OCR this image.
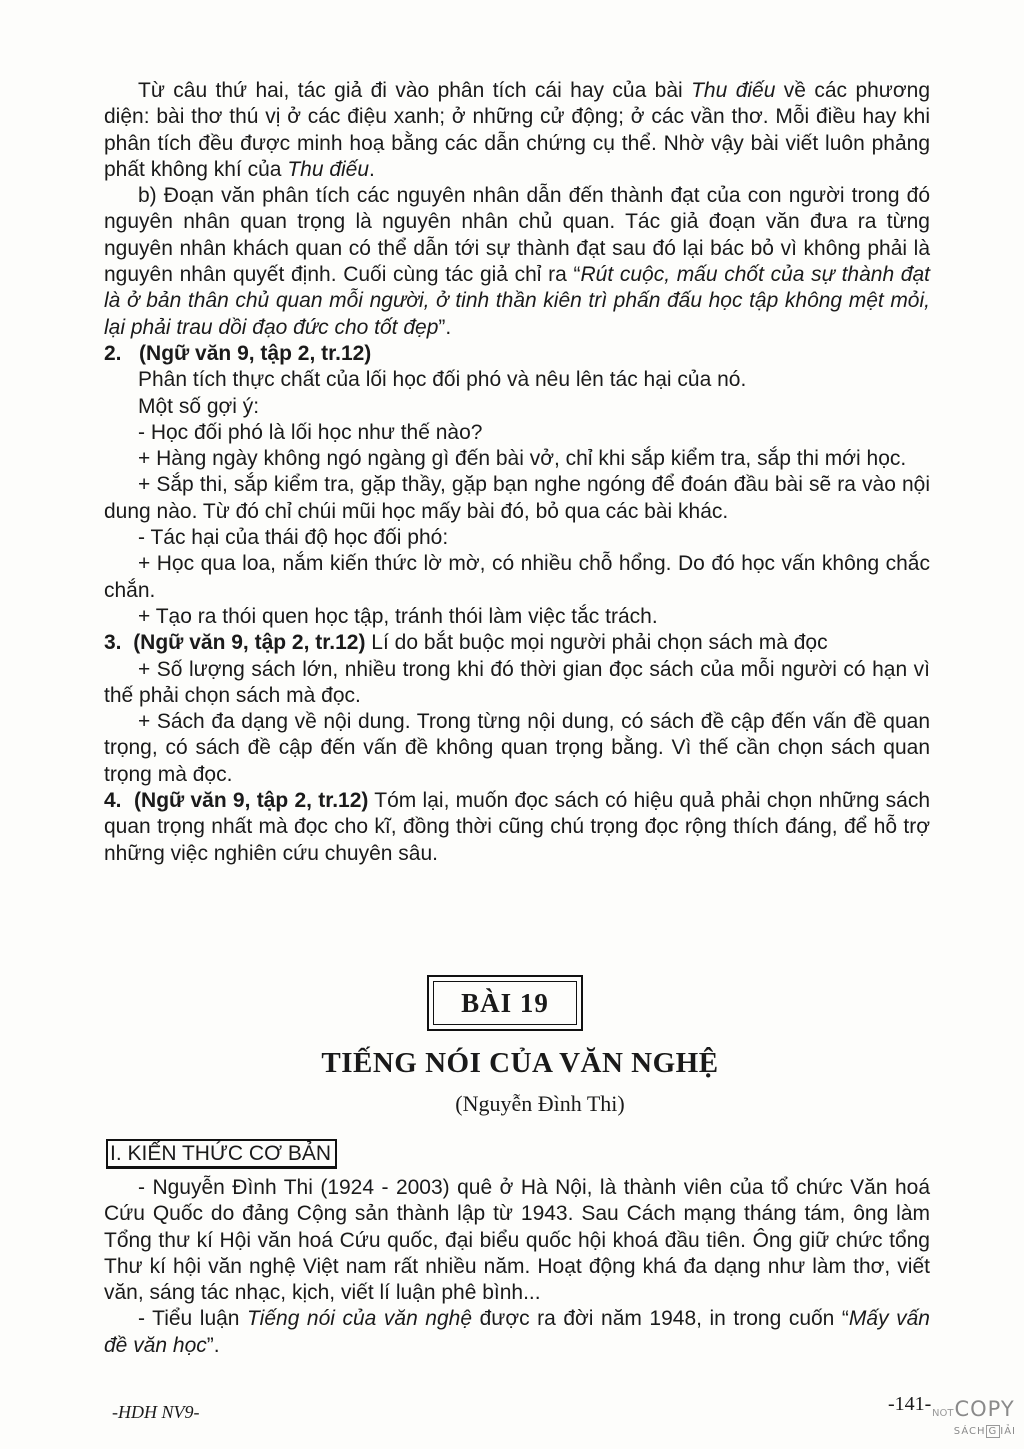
Từ câu thứ hai, tác giả đi vào phân tích cái hay của bài Thu điếu về các phương diện: bài thơ thú vị ở các điệu xanh; ở những cử động; ở các vần thơ. Mỗi điều hay khi phân tích đều được minh hoạ bằng các dẫn chứng cụ thể. Nhờ vậy bài viết luôn phảng phất không khí của Thu điếu.

b) Đoạn văn phân tích các nguyên nhân dẫn đến thành đạt của con người trong đó nguyên nhân quan trọng là nguyên nhân chủ quan. Tác giả đoạn văn đưa ra từng nguyên nhân khách quan có thể dẫn tới sự thành đạt sau đó lại bác bỏ vì không phải là nguyên nhân quyết định. Cuối cùng tác giả chỉ ra “Rút cuộc, mấu chốt của sự thành đạt là ở bản thân chủ quan mỗi người, ở tinh thần kiên trì phấn đấu học tập không mệt mỏi, lại phải trau dồi đạo đức cho tốt đẹp”.

2. (Ngữ văn 9, tập 2, tr.12)

Phân tích thực chất của lối học đối phó và nêu lên tác hại của nó.

Một số gợi ý:

- Học đối phó là lối học như thế nào?

+ Hàng ngày không ngó ngàng gì đến bài vở, chỉ khi sắp kiểm tra, sắp thi mới học.

+ Sắp thi, sắp kiểm tra, gặp thầy, gặp bạn nghe ngóng để đoán đầu bài sẽ ra vào nội dung nào. Từ đó chỉ chúi mũi học mấy bài đó, bỏ qua các bài khác.

- Tác hại của thái độ học đối phó:

+ Học qua loa, nắm kiến thức lờ mờ, có nhiều chỗ hổng. Do đó học vấn không chắc chắn.

+ Tạo ra thói quen học tập, tránh thói làm việc tắc trách.

3. (Ngữ văn 9, tập 2, tr.12) Lí do bắt buộc mọi người phải chọn sách mà đọc

+ Số lượng sách lớn, nhiều trong khi đó thời gian đọc sách của mỗi người có hạn vì thế phải chọn sách mà đọc.

+ Sách đa dạng về nội dung. Trong từng nội dung, có sách đề cập đến vấn đề quan trọng, có sách đề cập đến vấn đề không quan trọng bằng. Vì thế cần chọn sách quan trọng mà đọc.

4. (Ngữ văn 9, tập 2, tr.12) Tóm lại, muốn đọc sách có hiệu quả phải chọn những sách quan trọng nhất mà đọc cho kĩ, đồng thời cũng chú trọng đọc rộng thích đáng, để hỗ trợ những việc nghiên cứu chuyên sâu.

BÀI 19
TIẾNG NÓI CỦA VĂN NGHỆ
(Nguyễn Đình Thi)
I. KIẾN THỨC CƠ BẢN

- Nguyễn Đình Thi (1924 - 2003) quê ở Hà Nội, là thành viên của tổ chức Văn hoá Cứu Quốc do đảng Cộng sản thành lập từ 1943. Sau Cách mạng tháng tám, ông làm Tổng thư kí Hội văn hoá Cứu quốc, đại biểu quốc hội khoá đầu tiên. Ông giữ chức tổng Thư kí hội văn nghệ Việt nam rất nhiều năm. Hoạt động khá đa dạng như làm thơ, viết văn, sáng tác nhạc, kịch, viết lí luận phê bình...

- Tiểu luận Tiếng nói của văn nghệ được ra đời năm 1948, in trong cuốn “Mấy vấn đề văn học”.

-HDH NV9-	-141- NOTCOPY
SÁCH G IẢI
